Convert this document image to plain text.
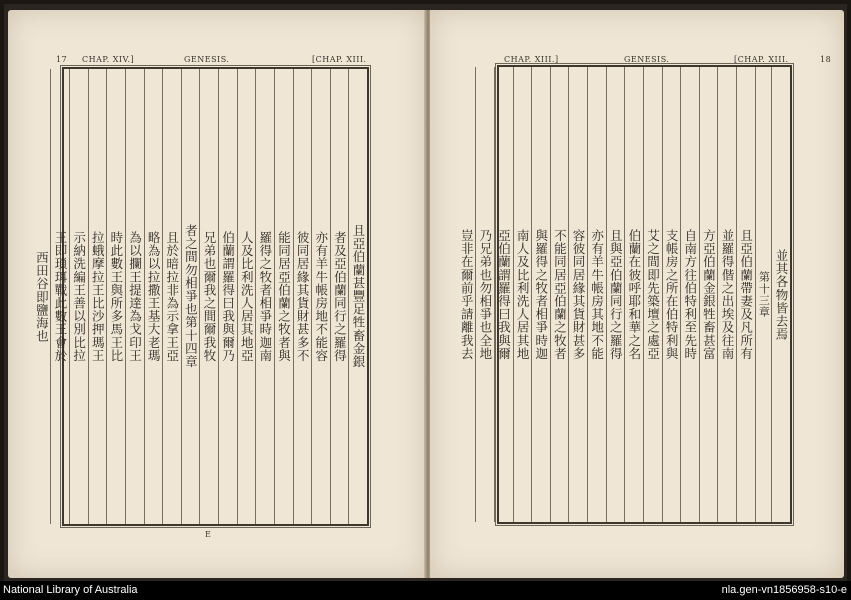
17 CHAP. XIV.]	GENESIS.	[CHAP. XIII.
且亞伯蘭甚豐足牲畜金銀
者及亞伯蘭同行之羅得
亦有羊牛帳房地不能容
彼同居緣其貨財甚多不
能同居亞伯蘭之牧者與
羅得之牧者相爭時迦南
人及比利洗人居其地亞
伯蘭謂羅得曰我與爾乃
兄弟也爾我之間爾我牧
者之間勿相爭也第十四章
且於暗拉非為示拿王亞
略為以拉撒王基大老瑪
為以攔王提達為戈印王
時此數王與所多馬王比
拉蛾摩拉王比沙押瑪王
示納洗編王善以別比拉
王即瑣珥戰此數王會於
西田谷即鹽海也
E
CHAP. XIII.]	GENESIS.	[CHAP. XIII.	18
並其各物皆去焉
第十三章
且亞伯蘭帶妻及凡所有
並羅得偕之出埃及往南
方亞伯蘭金銀牲畜甚富
自南方往伯特利至先時
支帳房之所在伯特利與
艾之間即先築壇之處亞
伯蘭在彼呼耶和華之名
且與亞伯蘭同行之羅得
亦有羊牛帳房其地不能
容彼同居緣其貨財甚多
不能同居亞伯蘭之牧者
與羅得之牧者相爭時迦
南人及比利洗人居其地
亞伯蘭謂羅得曰我與爾
乃兄弟也勿相爭也全地
豈非在爾前乎請離我去
National Library of Australia	nla.gen-vn1856958-s10-e
